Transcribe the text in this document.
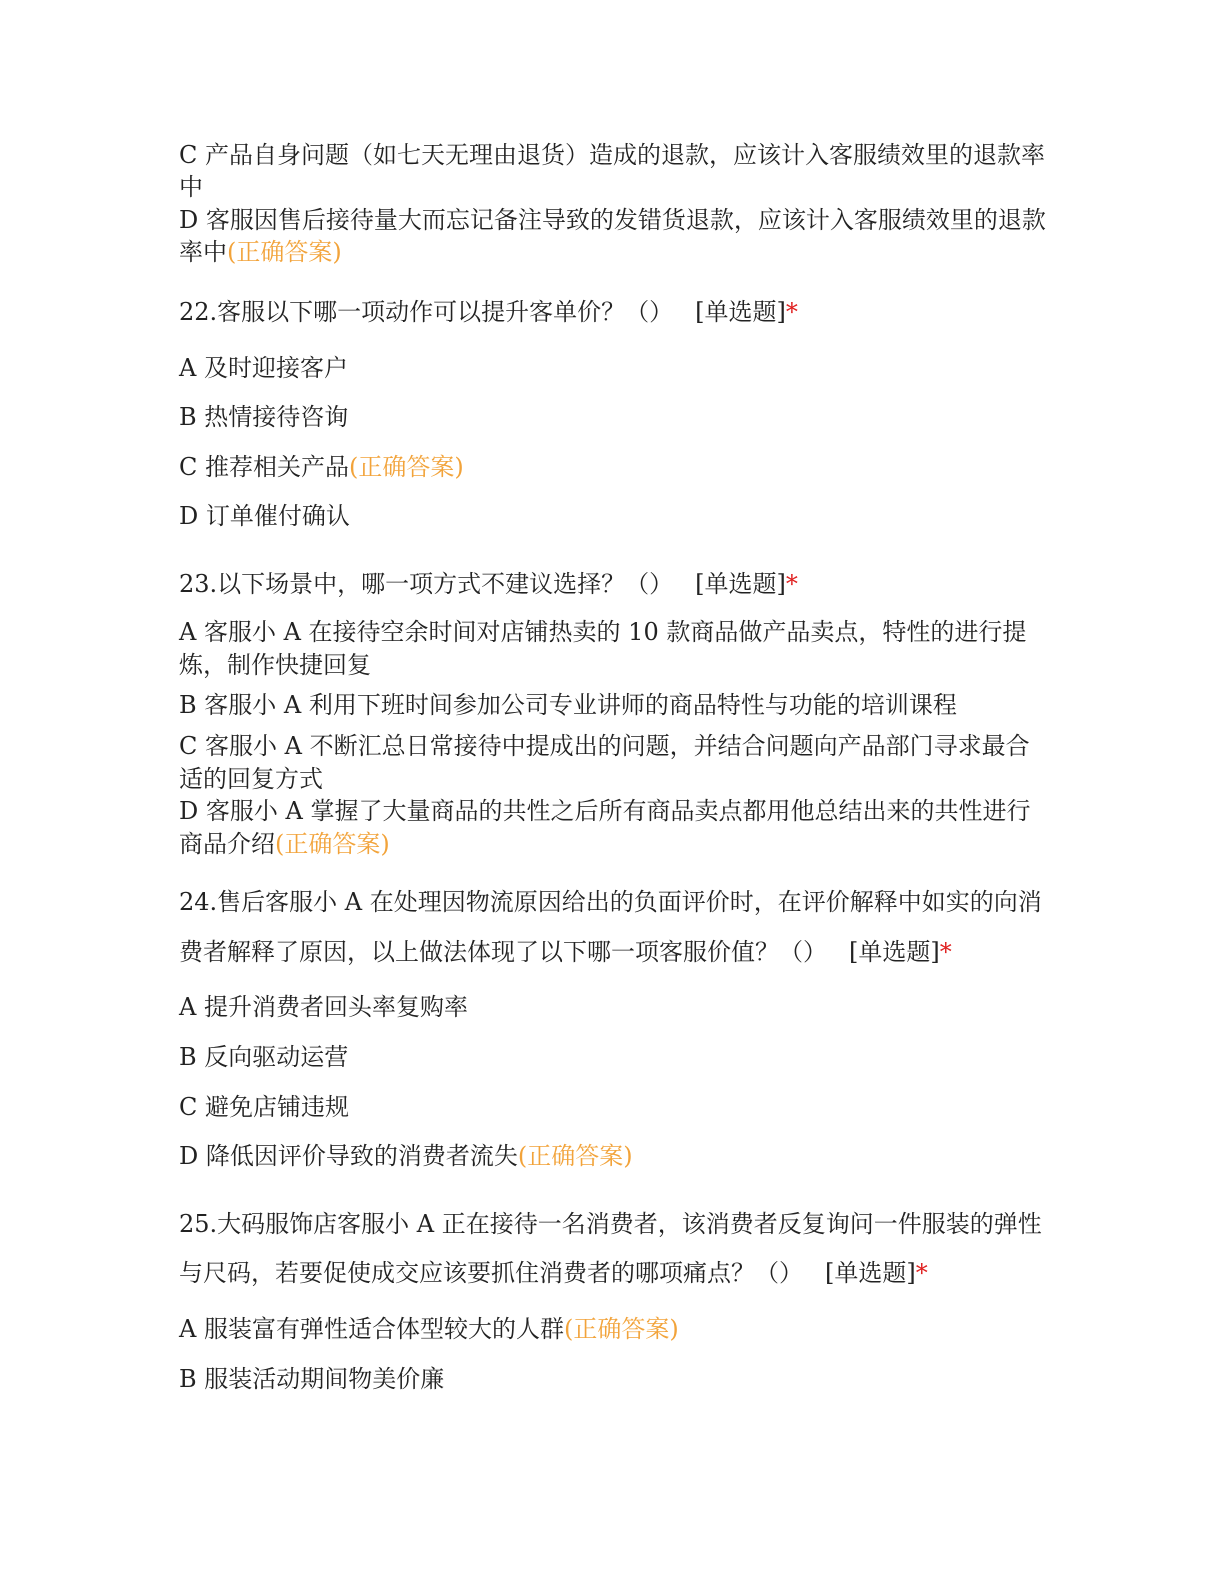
C 产品自身问题（如七天无理由退货）造成的退款，应该计入客服绩效里的退款率

中

D 客服因售后接待量大而忘记备注导致的发错货退款，应该计入客服绩效里的退款

率中(正确答案)

22.客服以下哪一项动作可以提升客单价？（） [单选题]*

A 及时迎接客户

B 热情接待咨询

C 推荐相关产品(正确答案)

D 订单催付确认

23.以下场景中，哪一项方式不建议选择？（） [单选题]*

A 客服小 A 在接待空余时间对店铺热卖的 10 款商品做产品卖点，特性的进行提

炼，制作快捷回复

B 客服小 A 利用下班时间参加公司专业讲师的商品特性与功能的培训课程

C 客服小 A 不断汇总日常接待中提成出的问题，并结合问题向产品部门寻求最合

适的回复方式

D 客服小 A 掌握了大量商品的共性之后所有商品卖点都用他总结出来的共性进行

商品介绍(正确答案)

24.售后客服小 A 在处理因物流原因给出的负面评价时，在评价解释中如实的向消

费者解释了原因，以上做法体现了以下哪一项客服价值？（） [单选题]*

A 提升消费者回头率复购率

B 反向驱动运营

C 避免店铺违规

D 降低因评价导致的消费者流失(正确答案)

25.大码服饰店客服小 A 正在接待一名消费者，该消费者反复询问一件服装的弹性

与尺码，若要促使成交应该要抓住消费者的哪项痛点？（） [单选题]*

A 服装富有弹性适合体型较大的人群(正确答案)

B 服装活动期间物美价廉
